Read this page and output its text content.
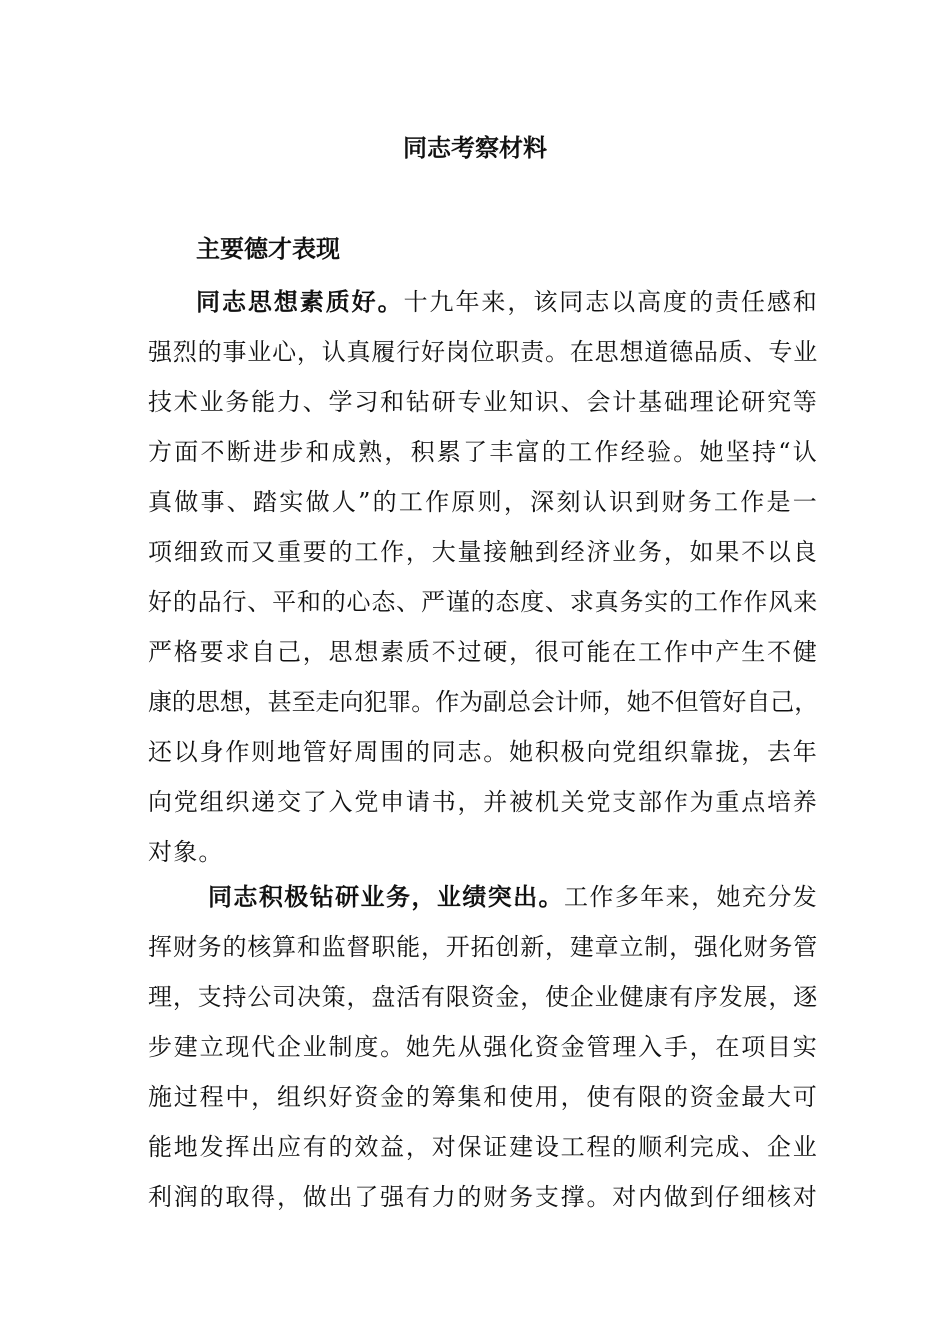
同志考察材料
主要德才表现
同志思想素质好。十九年来，该同志以高度的责任感和
强烈的事业心，认真履行好岗位职责。在思想道德品质、专业
技术业务能力、学习和钻研专业知识、会计基础理论研究等
方面不断进步和成熟，积累了丰富的工作经验。她坚持“认
真做事、踏实做人”的工作原则，深刻认识到财务工作是一
项细致而又重要的工作，大量接触到经济业务，如果不以良
好的品行、平和的心态、严谨的态度、求真务实的工作作风来
严格要求自己，思想素质不过硬，很可能在工作中产生不健
康的思想，甚至走向犯罪。作为副总会计师，她不但管好自己，
还以身作则地管好周围的同志。她积极向党组织靠拢，去年
向党组织递交了入党申请书，并被机关党支部作为重点培养
对象。
同志积极钻研业务，业绩突出。工作多年来，她充分发
挥财务的核算和监督职能，开拓创新，建章立制，强化财务管
理，支持公司决策，盘活有限资金，使企业健康有序发展，逐
步建立现代企业制度。她先从强化资金管理入手，在项目实
施过程中，组织好资金的筹集和使用，使有限的资金最大可
能地发挥出应有的效益，对保证建设工程的顺利完成、企业
利润的取得，做出了强有力的财务支撑。对内做到仔细核对
